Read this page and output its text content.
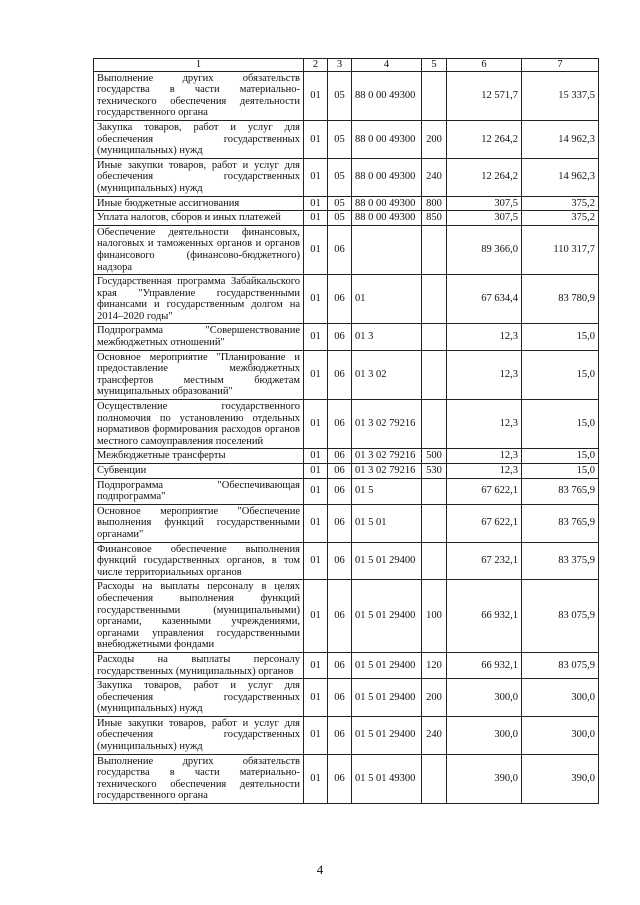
1	2	3	4	5	6	7
Выполнение других обязательств государства в части материально-технического обеспечения деятельности государственного органа	01	05	88 0 00 49300		12 571,7	15 337,5
Закупка товаров, работ и услуг для обеспечения государственных (муниципальных) нужд	01	05	88 0 00 49300	200	12 264,2	14 962,3
Иные закупки товаров, работ и услуг для обеспечения государственных (муниципальных) нужд	01	05	88 0 00 49300	240	12 264,2	14 962,3
Иные бюджетные ассигнования	01	05	88 0 00 49300	800	307,5	375,2
Уплата налогов, сборов и иных платежей	01	05	88 0 00 49300	850	307,5	375,2
Обеспечение деятельности финансовых, налоговых и таможенных органов и органов финансового (финансово-бюджетного) надзора	01	06			89 366,0	110 317,7
Государственная программа Забайкальского края "Управление государственными финансами и государственным долгом на 2014–2020 годы"	01	06	01		67 634,4	83 780,9
Подпрограмма "Совершенствование межбюджетных отношений"	01	06	01 3		12,3	15,0
Основное мероприятие "Планирование и предоставление межбюджетных трансфертов местным бюджетам муниципальных образований"	01	06	01 3 02		12,3	15,0
Осуществление государственного полномочия по установлению отдельных нормативов формирования расходов органов местного самоуправления поселений	01	06	01 3 02 79216		12,3	15,0
Межбюджетные трансферты	01	06	01 3 02 79216	500	12,3	15,0
Субвенции	01	06	01 3 02 79216	530	12,3	15,0
Подпрограмма "Обеспечивающая подпрограмма"	01	06	01 5		67 622,1	83 765,9
Основное мероприятие "Обеспечение выполнения функций государственными органами"	01	06	01 5 01		67 622,1	83 765,9
Финансовое обеспечение выполнения функций государственных органов, в том числе территориальных органов	01	06	01 5 01 29400		67 232,1	83 375,9
Расходы на выплаты персоналу в целях обеспечения выполнения функций государственными (муниципальными) органами, казенными учреждениями, органами управления государственными внебюджетными фондами	01	06	01 5 01 29400	100	66 932,1	83 075,9
Расходы на выплаты персоналу государственных (муниципальных) органов	01	06	01 5 01 29400	120	66 932,1	83 075,9
Закупка товаров, работ и услуг для обеспечения государственных (муниципальных) нужд	01	06	01 5 01 29400	200	300,0	300,0
Иные закупки товаров, работ и услуг для обеспечения государственных (муниципальных) нужд	01	06	01 5 01 29400	240	300,0	300,0
Выполнение других обязательств государства в части материально-технического обеспечения деятельности государственного органа	01	06	01 5 01 49300		390,0	390,0
4
